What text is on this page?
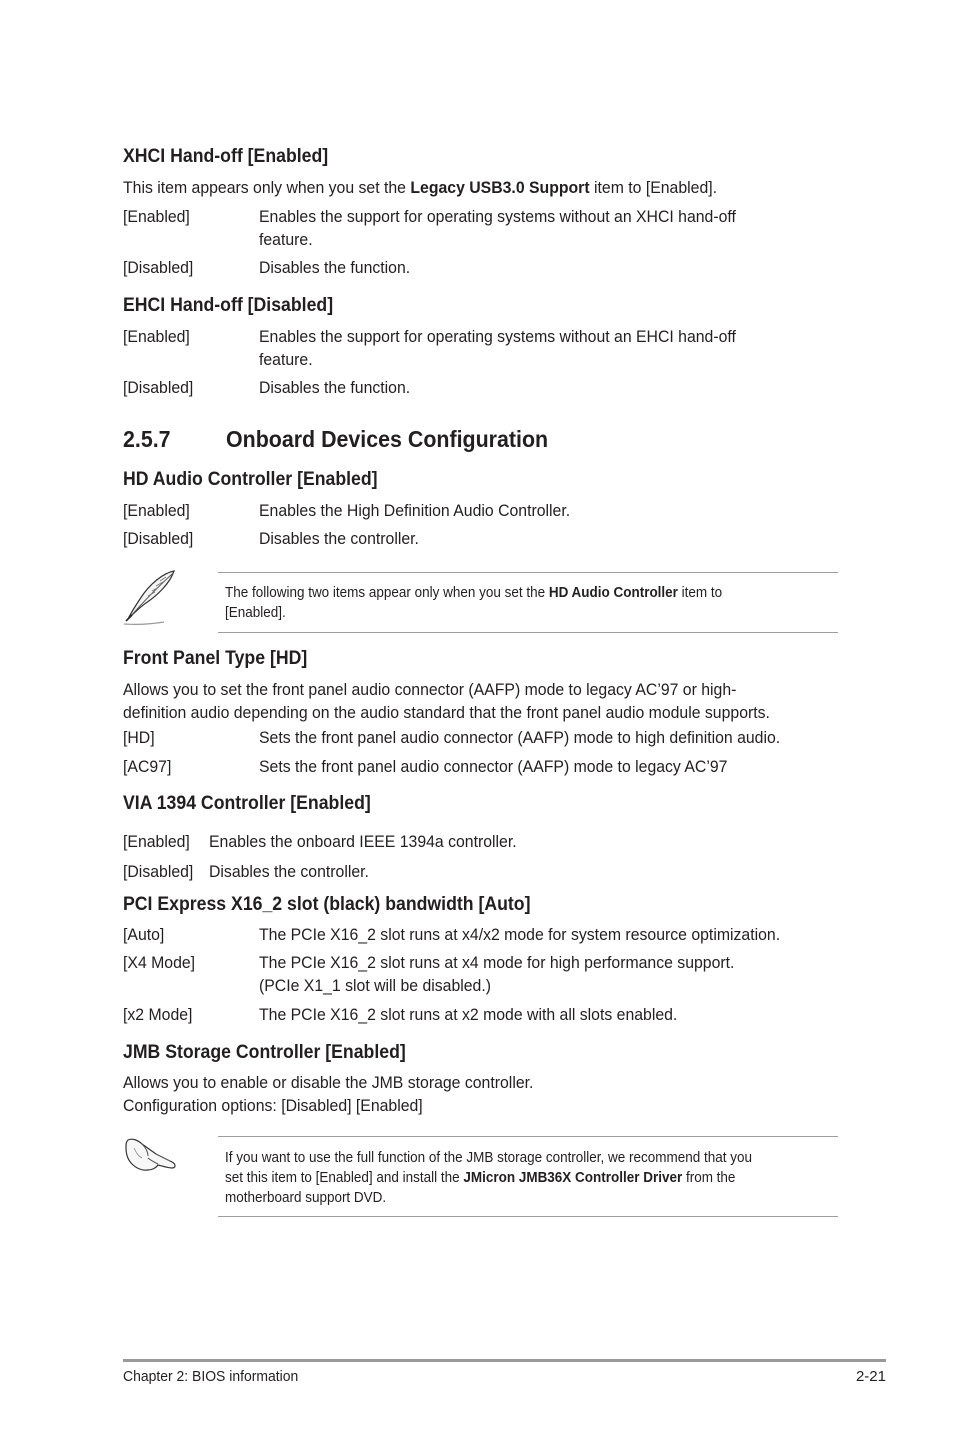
XHCI Hand-off [Enabled]
This item appears only when you set the Legacy USB3.0 Support item to [Enabled].
[Enabled]	Enables the support for operating systems without an XHCI hand-off
feature.
[Disabled]	Disables the function.
EHCI Hand-off [Disabled]
[Enabled]	Enables the support for operating systems without an EHCI hand-off
feature.
[Disabled]	Disables the function.
2.5.7 Onboard Devices Configuration
HD Audio Controller [Enabled]
[Enabled]	Enables the High Definition Audio Controller.
[Disabled]	Disables the controller.
The following two items appear only when you set the HD Audio Controller item to
[Enabled].
Front Panel Type [HD]
Allows you to set the front panel audio connector (AAFP) mode to legacy AC’97 or high-
definition audio depending on the audio standard that the front panel audio module supports.
[HD]	Sets the front panel audio connector (AAFP) mode to high definition audio.
[AC97]	Sets the front panel audio connector (AAFP) mode to legacy AC’97
VIA 1394 Controller [Enabled]
[Enabled] Enables the onboard IEEE 1394a controller.
[Disabled] Disables the controller.
PCI Express X16_2 slot (black) bandwidth [Auto]
[Auto]	The PCIe X16_2 slot runs at x4/x2 mode for system resource optimization.
[X4 Mode]	The PCIe X16_2 slot runs at x4 mode for high performance support.
(PCIe X1_1 slot will be disabled.)
[x2 Mode]	The PCIe X16_2 slot runs at x2 mode with all slots enabled.
JMB Storage Controller [Enabled]
Allows you to enable or disable the JMB storage controller.
Configuration options: [Disabled] [Enabled]
If you want to use the full function of the JMB storage controller, we recommend that you
set this item to [Enabled] and install the JMicron JMB36X Controller Driver from the
motherboard support DVD.
Chapter 2: BIOS information	2-21
